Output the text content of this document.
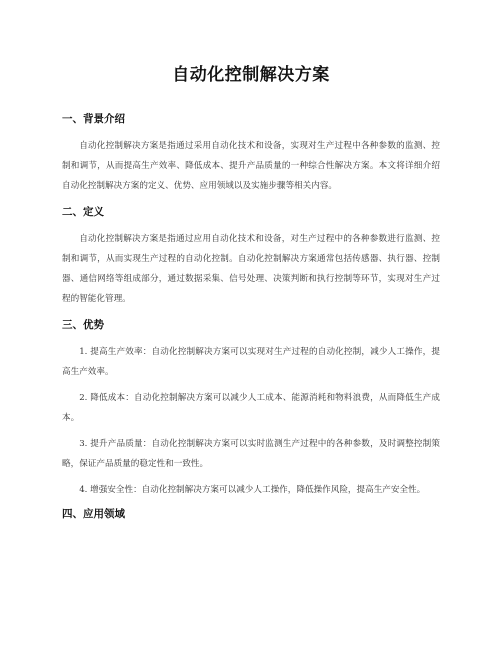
自动化控制解决方案
一、背景介绍

自动化控制解决方案是指通过采用自动化技术和设备，实现对生产过程中各种参数的监测、控制和调节，从而提高生产效率、降低成本、提升产品质量的一种综合性解决方案。本文将详细介绍自动化控制解决方案的定义、优势、应用领域以及实施步骤等相关内容。

二、定义

自动化控制解决方案是指通过应用自动化技术和设备，对生产过程中的各种参数进行监测、控制和调节，从而实现生产过程的自动化控制。自动化控制解决方案通常包括传感器、执行器、控制器、通信网络等组成部分，通过数据采集、信号处理、决策判断和执行控制等环节，实现对生产过程的智能化管理。

三、优势

1. 提高生产效率：自动化控制解决方案可以实现对生产过程的自动化控制，减少人工操作，提高生产效率。

2. 降低成本：自动化控制解决方案可以减少人工成本、能源消耗和物料浪费，从而降低生产成本。

3. 提升产品质量：自动化控制解决方案可以实时监测生产过程中的各种参数，及时调整控制策略，保证产品质量的稳定性和一致性。

4. 增强安全性：自动化控制解决方案可以减少人工操作，降低操作风险，提高生产安全性。

四、应用领域
